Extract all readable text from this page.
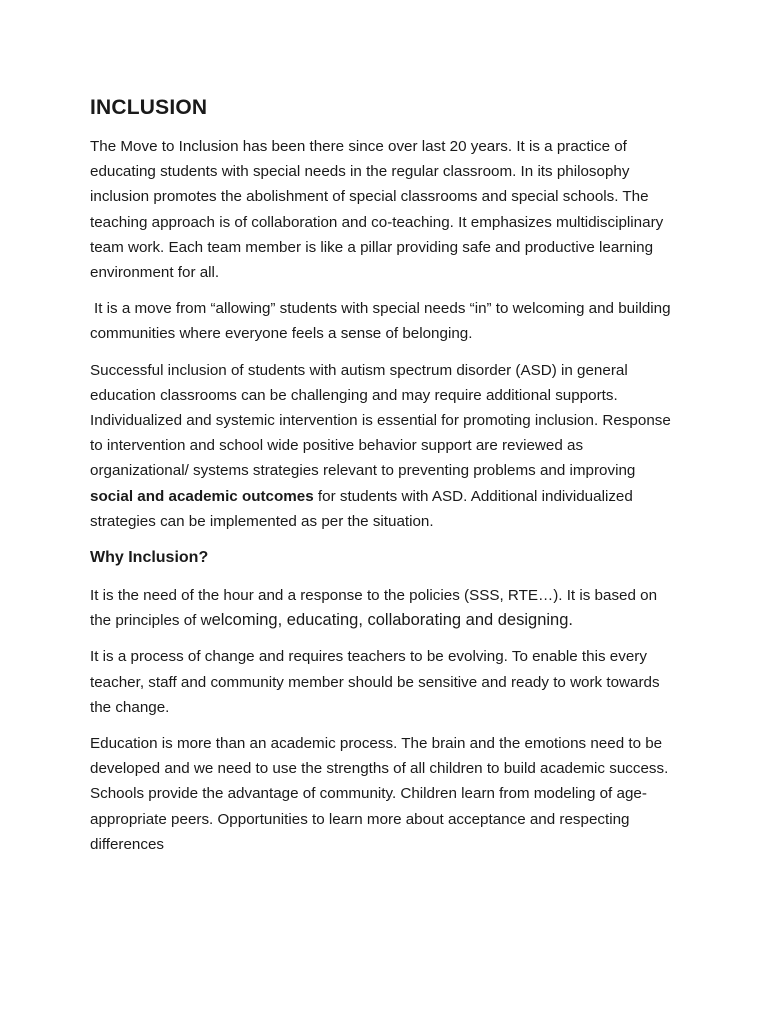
INCLUSION

The Move to Inclusion has been there since over last 20 years. It is a practice of educating students with special needs in the regular classroom. In its philosophy inclusion promotes the abolishment of special classrooms and special schools. The teaching approach is of collaboration and co-teaching. It emphasizes multidisciplinary team work. Each team member is like a pillar providing safe and productive learning environment for all.

It is a move from “allowing” students with special needs “in” to welcoming and building communities where everyone feels a sense of belonging.

Successful inclusion of students with autism spectrum disorder (ASD) in general education classrooms can be challenging and may require additional supports. Individualized and systemic intervention is essential for promoting inclusion. Response to intervention and school wide positive behavior support are reviewed as organizational/ systems strategies relevant to preventing problems and improving social and academic outcomes for students with ASD. Additional individualized strategies can be implemented as per the situation.

Why Inclusion?

It is the need of the hour and a response to the policies (SSS, RTE…). It is based on the principles of welcoming, educating, collaborating and designing.

It is a process of change and requires teachers to be evolving. To enable this every teacher, staff and community member should be sensitive and ready to work towards the change.

Education is more than an academic process. The brain and the emotions need to be developed and we need to use the strengths of all children to build academic success. Schools provide the advantage of community. Children learn from modeling of age-appropriate peers. Opportunities to learn more about acceptance and respecting differences
